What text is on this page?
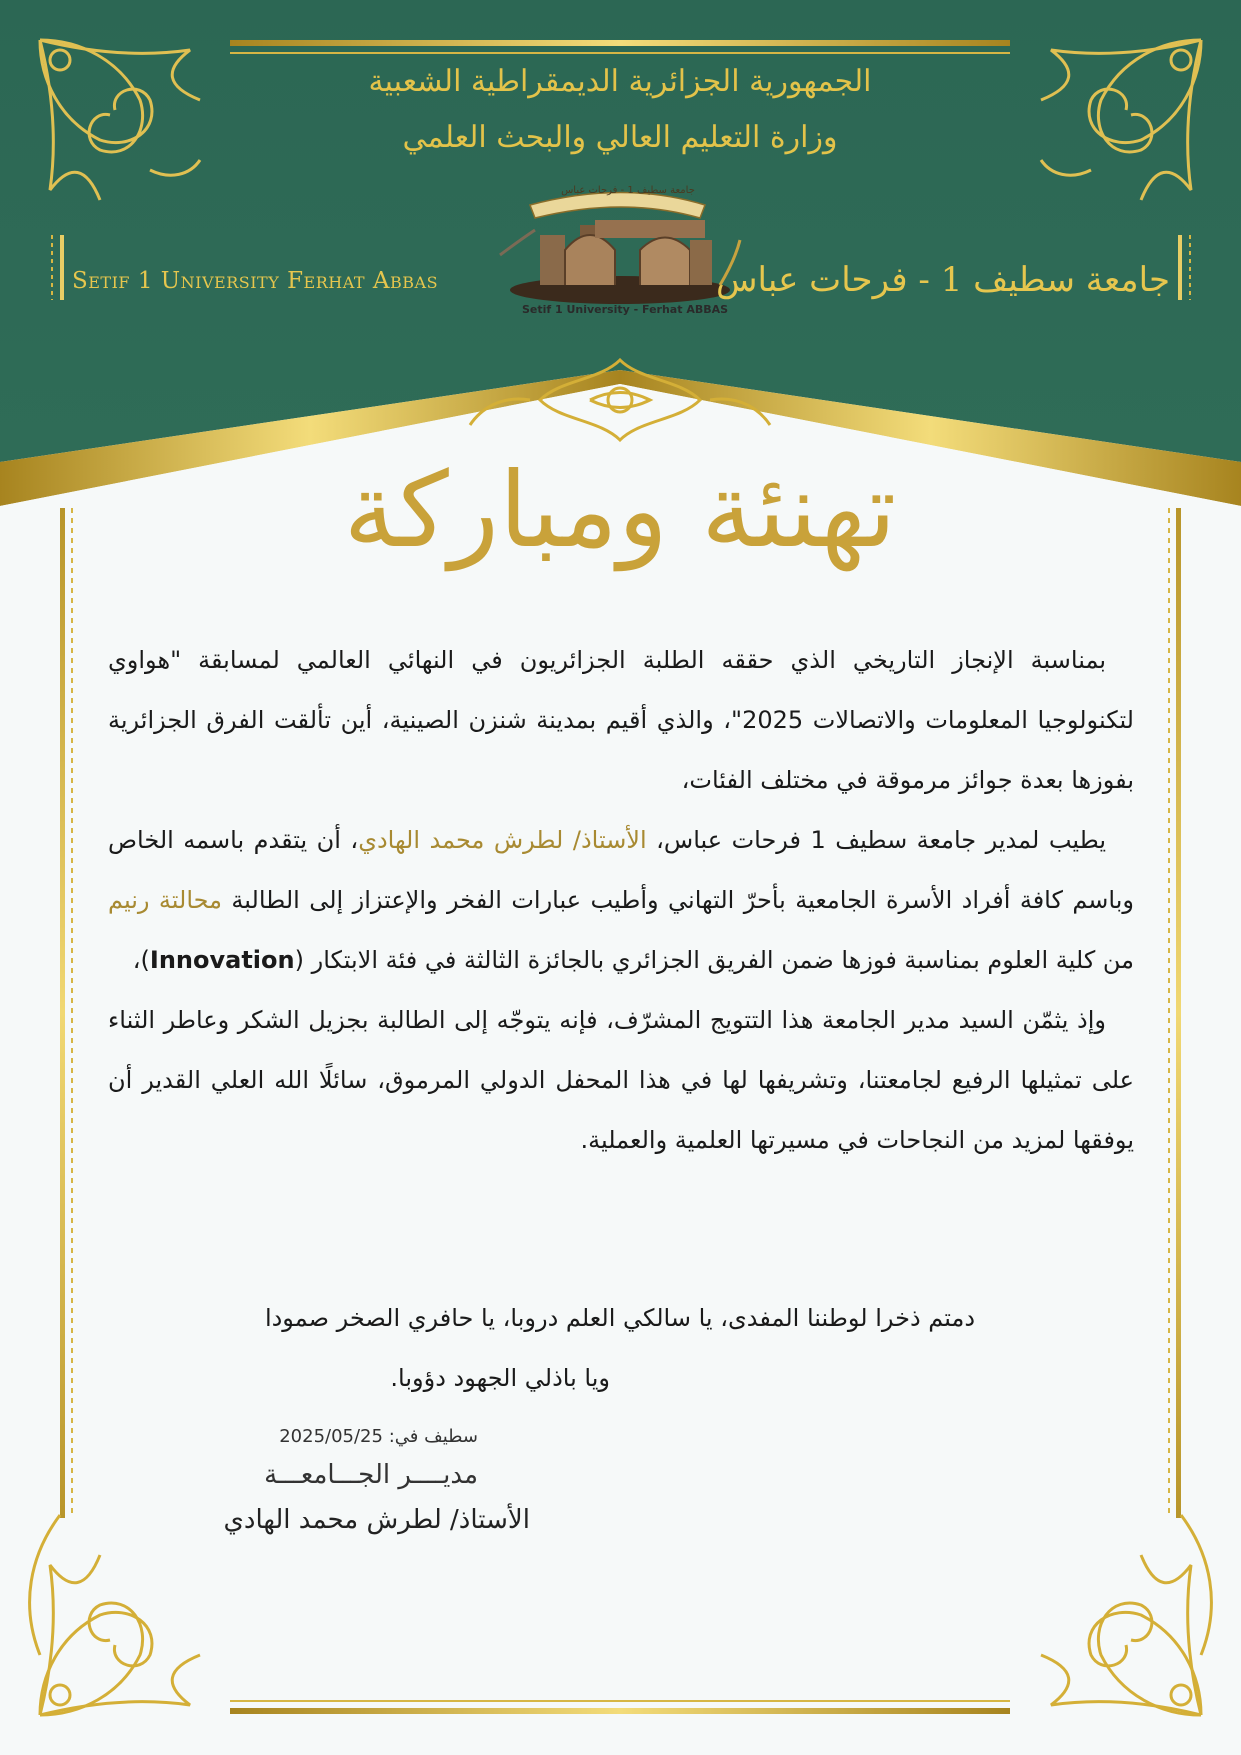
الجمهورية الجزائرية الديمقراطية الشعبية
وزارة التعليم العالي والبحث العلمي
جامعة سطيف 1 - فرحات عباس
Setif 1 University - Ferhat ABBAS
Setif 1 University Ferhat Abbas	جامعة سطيف 1 - فرحات عباس
تهنئة ومباركة

بمناسبة الإنجاز التاريخي الذي حققه الطلبة الجزائريون في النهائي العالمي لمسابقة "هواوي لتكنولوجيا المعلومات والاتصالات 2025"، والذي أقيم بمدينة شنزن الصينية، أين تألقت الفرق الجزائرية بفوزها بعدة جوائز مرموقة في مختلف الفئات،

يطيب لمدير جامعة سطيف 1 فرحات عباس، الأستاذ/ لطرش محمد الهادي، أن يتقدم باسمه الخاص وباسم كافة أفراد الأسرة الجامعية بأحرّ التهاني وأطيب عبارات الفخر والإعتزاز إلى الطالبة محالتة رنيم من كلية العلوم بمناسبة فوزها ضمن الفريق الجزائري بالجائزة الثالثة في فئة الابتكار (Innovation)،

وإذ يثمّن السيد مدير الجامعة هذا التتويج المشرّف، فإنه يتوجّه إلى الطالبة بجزيل الشكر وعاطر الثناء على تمثيلها الرفيع لجامعتنا، وتشريفها لها في هذا المحفل الدولي المرموق، سائلًا الله العلي القدير أن يوفقها لمزيد من النجاحات في مسيرتها العلمية والعملية.

دمتم ذخرا لوطننا المفدى، يا سالكي العلم دروبا، يا حافري الصخر صمودا
ويا باذلي الجهود دؤوبا.
سطيف في: 2025/05/25
مديــــر الجـــامعـــة
الأستاذ/ لطرش محمد الهادي
